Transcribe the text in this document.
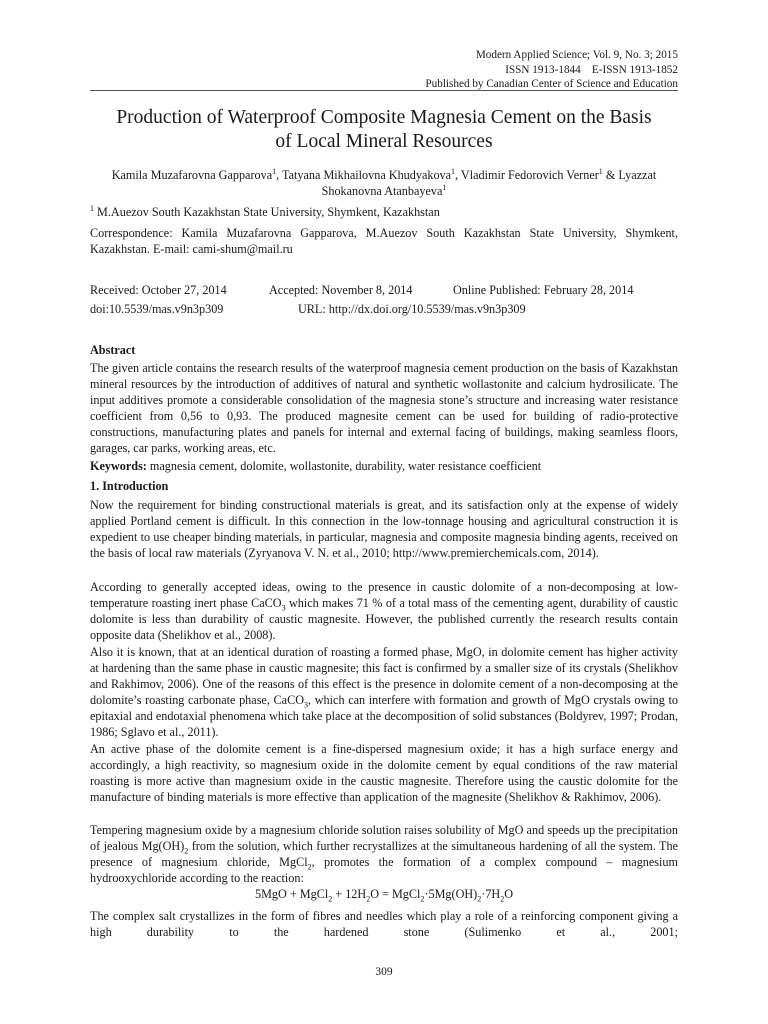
Modern Applied Science; Vol. 9, No. 3; 2015
ISSN 1913-1844    E-ISSN 1913-1852
Published by Canadian Center of Science and Education
Production of Waterproof Composite Magnesia Cement on the Basis
of Local Mineral Resources
Kamila Muzafarovna Gapparova$^1$, Tatyana Mikhailovna Khudyakova$^1$, Vladimir Fedorovich Verner$^1$ & Lyazzat
Shokanovna Atanbayeva$^1$
$^1$ M.Auezov South Kazakhstan State University, Shymkent, Kazakhstan
Correspondence: Kamila Muzafarovna Gapparova, M.Auezov South Kazakhstan State University, Shymkent, Kazakhstan. E-mail: cami-shum@mail.ru
Received: October 27, 2014	Accepted: November 8, 2014	Online Published: February 28, 2014
doi:10.5539/mas.v9n3p309	URL: http://dx.doi.org/10.5539/mas.v9n3p309
Abstract
The given article contains the research results of the waterproof magnesia cement production on the basis of Kazakhstan mineral resources by the introduction of additives of natural and synthetic wollastonite and calcium hydrosilicate. The input additives promote a considerable consolidation of the magnesia stone’s structure and increasing water resistance coefficient from 0,56 to 0,93. The produced magnesite cement can be used for building of radio-protective constructions, manufacturing plates and panels for internal and external facing of buildings, making seamless floors, garages, car parks, working areas, etc.
Keywords: magnesia cement, dolomite, wollastonite, durability, water resistance coefficient
1. Introduction
Now the requirement for binding constructional materials is great, and its satisfaction only at the expense of widely applied Portland cement is difficult. In this connection in the low-tonnage housing and agricultural construction it is expedient to use cheaper binding materials, in particular, magnesia and composite magnesia binding agents, received on the basis of local raw materials (Zyryanova V. N. et al., 2010; http://www.premierchemicals.com, 2014).
According to generally accepted ideas, owing to the presence in caustic dolomite of a non-decomposing at low-temperature roasting inert phase CaCO$_3$ which makes 71 % of a total mass of the cementing agent, durability of caustic dolomite is less than durability of caustic magnesite. However, the published currently the research results contain opposite data (Shelikhov et al., 2008).
Also it is known, that at an identical duration of roasting a formed phase, MgO, in dolomite cement has higher activity at hardening than the same phase in caustic magnesite; this fact is confirmed by a smaller size of its crystals (Shelikhov and Rakhimov, 2006). One of the reasons of this effect is the presence in dolomite cement of a non-decomposing at the dolomite’s roasting carbonate phase, CaCO$_3$, which can interfere with formation and growth of MgO crystals owing to epitaxial and endotaxial phenomena which take place at the decomposition of solid substances (Boldyrev, 1997; Prodan, 1986; Sglavo et al., 2011).
An active phase of the dolomite cement is a fine-dispersed magnesium oxide; it has a high surface energy and accordingly, a high reactivity, so magnesium oxide in the dolomite cement by equal conditions of the raw material roasting is more active than magnesium oxide in the caustic magnesite. Therefore using the caustic dolomite for the manufacture of binding materials is more effective than application of the magnesite (Shelikhov & Rakhimov, 2006).
Tempering magnesium oxide by a magnesium chloride solution raises solubility of MgO and speeds up the precipitation of jealous $Mg(OH)_2$ from the solution, which further recrystallizes at the simultaneous hardening of all the system. The presence of magnesium chloride, MgCl$_2$, promotes the formation of a complex compound – magnesium hydrooxychloride according to the reaction:
5MgO + MgCl$_2$ + $12H_2O$ = $MgCl_2\cdot 5Mg(OH)_2\cdot 7H_2O$
The complex salt crystallizes in the form of fibres and needles which play a role of a reinforcing component giving a high durability to the hardened stone (Sulimenko et al., 2001;
309
